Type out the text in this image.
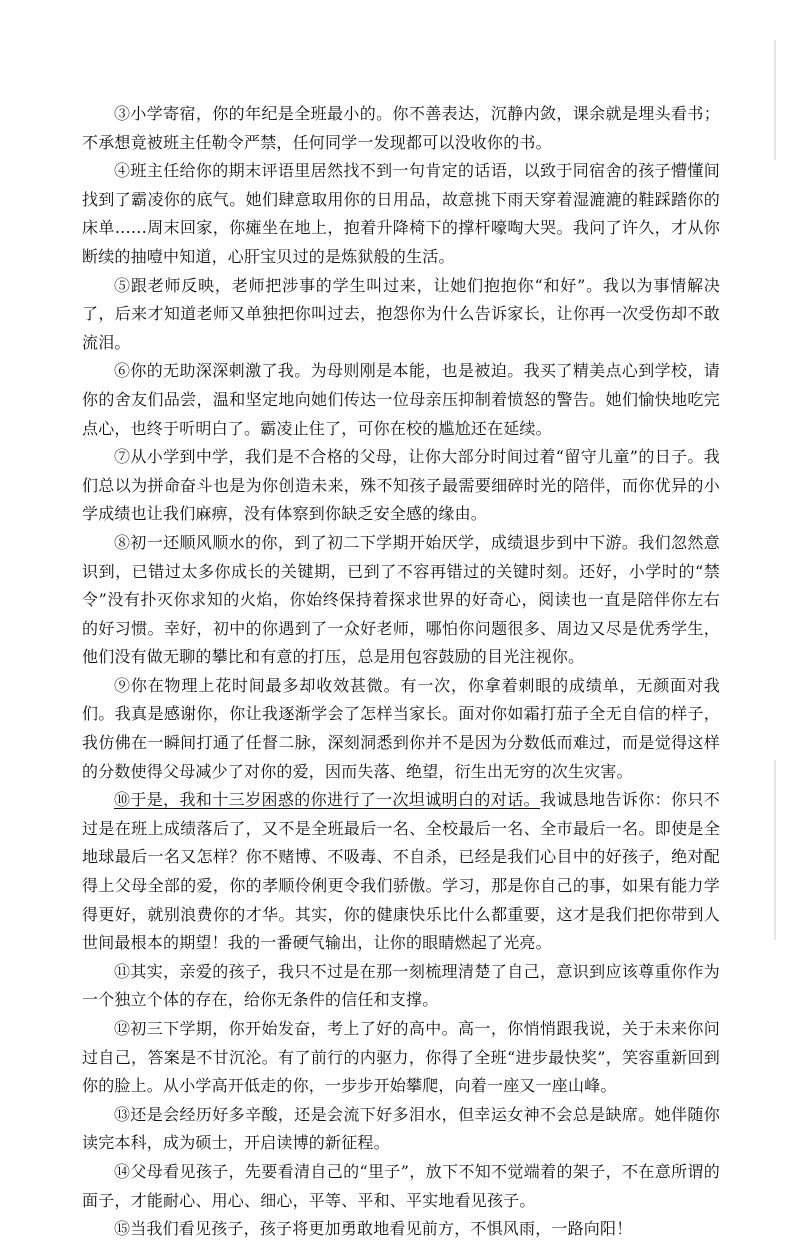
③小学寄宿，你的年纪是全班最小的。你不善表达，沉静内敛，课余就是埋头看书；不承想竟被班主任勒令严禁，任何同学一发现都可以没收你的书。

④班主任给你的期末评语里居然找不到一句肯定的话语，以致于同宿舍的孩子懵懂间找到了霸凌你的底气。她们肆意取用你的日用品，故意挑下雨天穿着湿漉漉的鞋踩踏你的床单……周末回家，你瘫坐在地上，抱着升降椅下的撑杆嚎啕大哭。我问了许久，才从你断续的抽噎中知道，心肝宝贝过的是炼狱般的生活。

⑤跟老师反映，老师把涉事的学生叫过来，让她们抱抱你“和好”。我以为事情解决了，后来才知道老师又单独把你叫过去，抱怨你为什么告诉家长，让你再一次受伤却不敢流泪。

⑥你的无助深深刺激了我。为母则刚是本能，也是被迫。我买了精美点心到学校，请你的舍友们品尝，温和坚定地向她们传达一位母亲压抑制着愤怒的警告。她们愉快地吃完点心，也终于听明白了。霸凌止住了，可你在校的尴尬还在延续。

⑦从小学到中学，我们是不合格的父母，让你大部分时间过着“留守儿童”的日子。我们总以为拼命奋斗也是为你创造未来，殊不知孩子最需要细碎时光的陪伴，而你优异的小学成绩也让我们麻痹，没有体察到你缺乏安全感的缘由。

⑧初一还顺风顺水的你，到了初二下学期开始厌学，成绩退步到中下游。我们忽然意识到，已错过太多你成长的关键期，已到了不容再错过的关键时刻。还好，小学时的“禁令”没有扑灭你求知的火焰，你始终保持着探求世界的好奇心，阅读也一直是陪伴你左右的好习惯。幸好，初中的你遇到了一众好老师，哪怕你问题很多、周边又尽是优秀学生，他们没有做无聊的攀比和有意的打压，总是用包容鼓励的目光注视你。

⑨你在物理上花时间最多却收效甚微。有一次，你拿着刺眼的成绩单，无颜面对我们。我真是感谢你，你让我逐渐学会了怎样当家长。面对你如霜打茄子全无自信的样子，我仿佛在一瞬间打通了任督二脉，深刻洞悉到你并不是因为分数低而难过，而是觉得这样的分数使得父母减少了对你的爱，因而失落、绝望，衍生出无穷的次生灾害。

⑩于是，我和十三岁困惑的你进行了一次坦诚明白的对话。我诚恳地告诉你：你只不过是在班上成绩落后了，又不是全班最后一名、全校最后一名、全市最后一名。即使是全地球最后一名又怎样？你不赌博、不吸毒、不自杀，已经是我们心目中的好孩子，绝对配得上父母全部的爱，你的孝顺伶俐更令我们骄傲。学习，那是你自己的事，如果有能力学得更好，就别浪费你的才华。其实，你的健康快乐比什么都重要，这才是我们把你带到人世间最根本的期望！我的一番硬气输出，让你的眼睛燃起了光亮。

⑪其实，亲爱的孩子，我只不过是在那一刻梳理清楚了自己，意识到应该尊重你作为一个独立个体的存在，给你无条件的信任和支撑。

⑫初三下学期，你开始发奋，考上了好的高中。高一，你悄悄跟我说，关于未来你问过自己，答案是不甘沉沦。有了前行的内驱力，你得了全班“进步最快奖”，笑容重新回到你的脸上。从小学高开低走的你，一步步开始攀爬，向着一座又一座山峰。

⑬还是会经历好多辛酸，还是会流下好多泪水，但幸运女神不会总是缺席。她伴随你读完本科，成为硕士，开启读博的新征程。

⑭父母看见孩子，先要看清自己的“里子”，放下不知不觉端着的架子，不在意所谓的面子，才能耐心、用心、细心，平等、平和、平实地看见孩子。

⑮当我们看见孩子，孩子将更加勇敢地看见前方，不惧风雨，一路向阳！
